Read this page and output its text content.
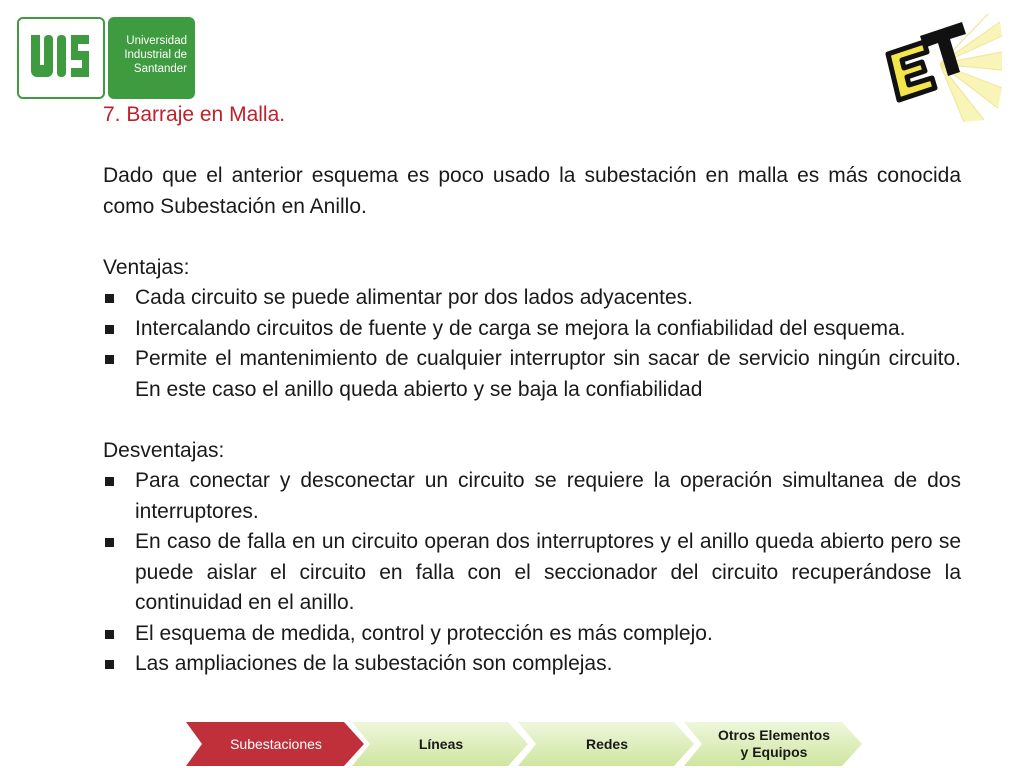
Universidad
Industrial de
Santander

7. Barraje en Malla.

Dado que el anterior esquema es poco usado la subestación en malla es más conocida como Subestación en Anillo.

Ventajas:

Cada circuito se puede alimentar por dos lados adyacentes.
Intercalando circuitos de fuente y de carga se mejora la confiabilidad del esquema.
Permite el mantenimiento de cualquier interruptor sin sacar de servicio ningún circuito. En este caso el anillo queda abierto y se baja la confiabilidad

Desventajas:

Para conectar y desconectar un circuito se requiere la operación simultanea de dos interruptores.
En caso de falla en un circuito operan dos interruptores y el anillo queda abierto pero se puede aislar el circuito en falla con el seccionador del circuito recuperándose la continuidad en el anillo.
El esquema de medida, control y protección es más complejo.
Las ampliaciones de la subestación son complejas.
Subestaciones	Líneas	Redes
Otros Elementos
y Equipos
